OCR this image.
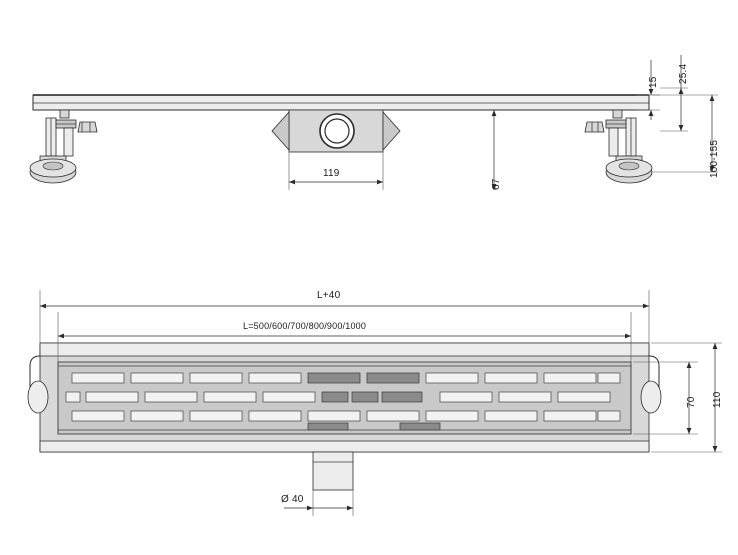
15 25.4
100-155
119
67
L+40
L=500/600/700/800/900/1000
70 110
Ø 40
